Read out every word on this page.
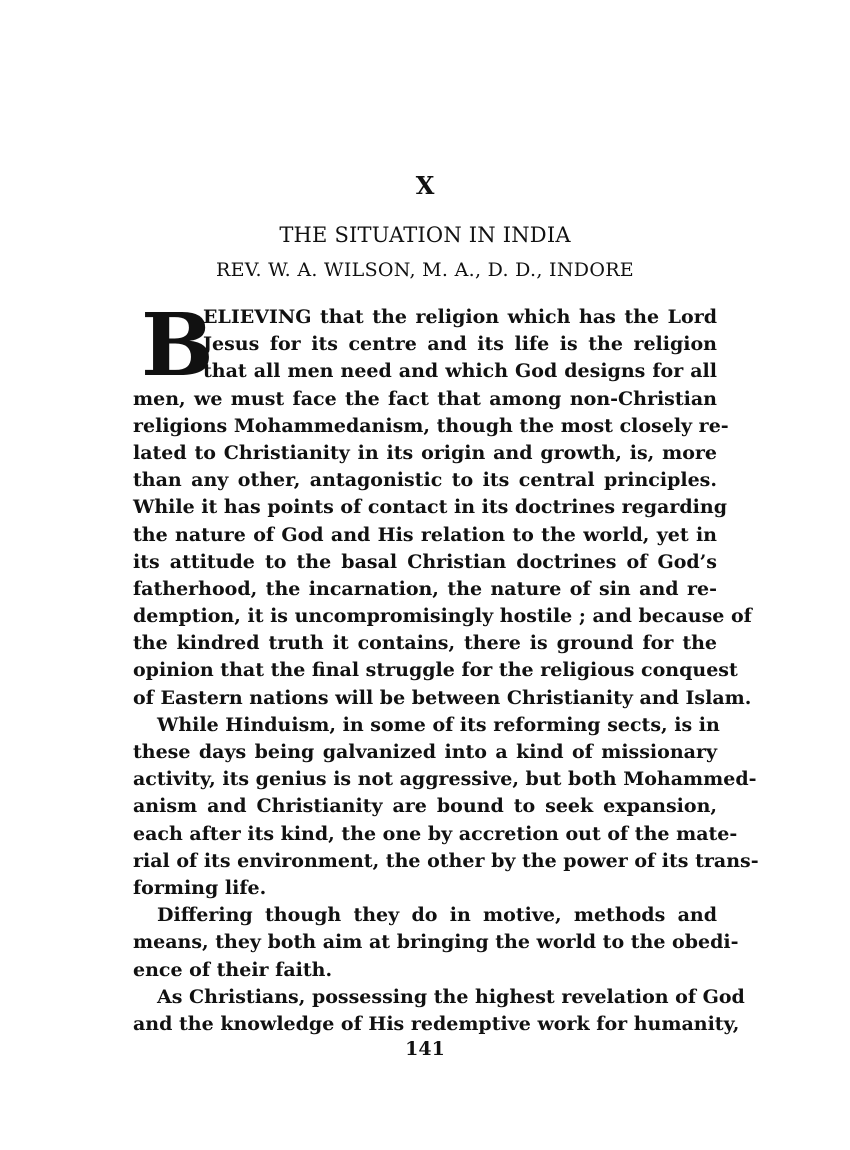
X
THE SITUATION IN INDIA
REV. W. A. WILSON, M. A., D. D., INDORE
B
ELIEVING that the religion which has the Lord
Jesus for its centre and its life is the religion
that all men need and which God designs for all
men, we must face the fact that among non-Christian
religions Mohammedanism, though the most closely re-
lated to Christianity in its origin and growth, is, more
than any other, antagonistic to its central principles.
While it has points of contact in its doctrines regarding
the nature of God and His relation to the world, yet in
its attitude to the basal Christian doctrines of God’s
fatherhood, the incarnation, the nature of sin and re-
demption, it is uncompromisingly hostile ; and because of
the kindred truth it contains, there is ground for the
opinion that the final struggle for the religious conquest
of Eastern nations will be between Christianity and Islam.
While Hinduism, in some of its reforming sects, is in
these days being galvanized into a kind of missionary
activity, its genius is not aggressive, but both Mohammed-
anism and Christianity are bound to seek expansion,
each after its kind, the one by accretion out of the mate-
rial of its environment, the other by the power of its trans-
forming life.
Differing though they do in motive, methods and
means, they both aim at bringing the world to the obedi-
ence of their faith.
As Christians, possessing the highest revelation of God
and the knowledge of His redemptive work for humanity,
141
